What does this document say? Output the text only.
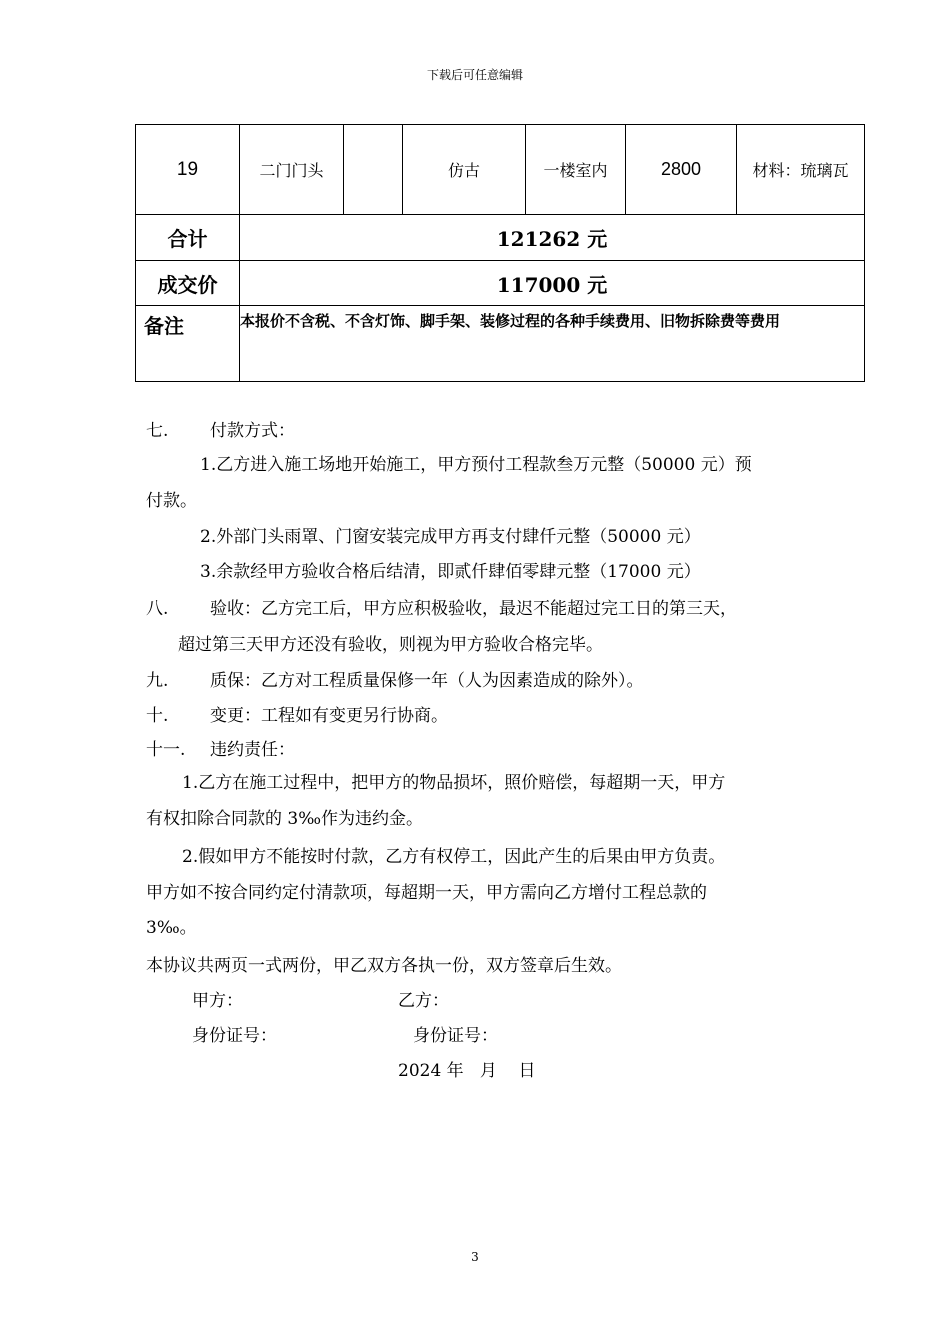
下载后可任意编辑
19	二门门头		仿古	一楼室内	2800	材料：琉璃瓦
合计	121262 元					
成交价	117000 元					
备注	本报价不含税、不含灯饰、脚手架、装修过程的各种手续费用、旧物拆除费等费用					
七. 付款方式：
1.乙方进入施工场地开始施工，甲方预付工程款叁万元整（50000 元）预
付款。
2.外部门头雨罩、门窗安装完成甲方再支付肆仟元整（50000 元）
3.余款经甲方验收合格后结清，即贰仟肆佰零肆元整（17000 元）
八. 验收：乙方完工后，甲方应积极验收，最迟不能超过完工日的第三天，
超过第三天甲方还没有验收，则视为甲方验收合格完毕。
九. 质保：乙方对工程质量保修一年（人为因素造成的除外）。
十. 变更：工程如有变更另行协商。
十一. 违约责任：
1.乙方在施工过程中，把甲方的物品损坏，照价赔偿，每超期一天，甲方
有权扣除合同款的 3‰作为违约金。
2.假如甲方不能按时付款，乙方有权停工，因此产生的后果由甲方负责。
甲方如不按合同约定付清款项，每超期一天，甲方需向乙方增付工程总款的
3‰。
本协议共两页一式两份，甲乙双方各执一份，双方签章后生效。
甲方：	乙方：
身份证号：	身份证号：
2024 年   月    日
3
